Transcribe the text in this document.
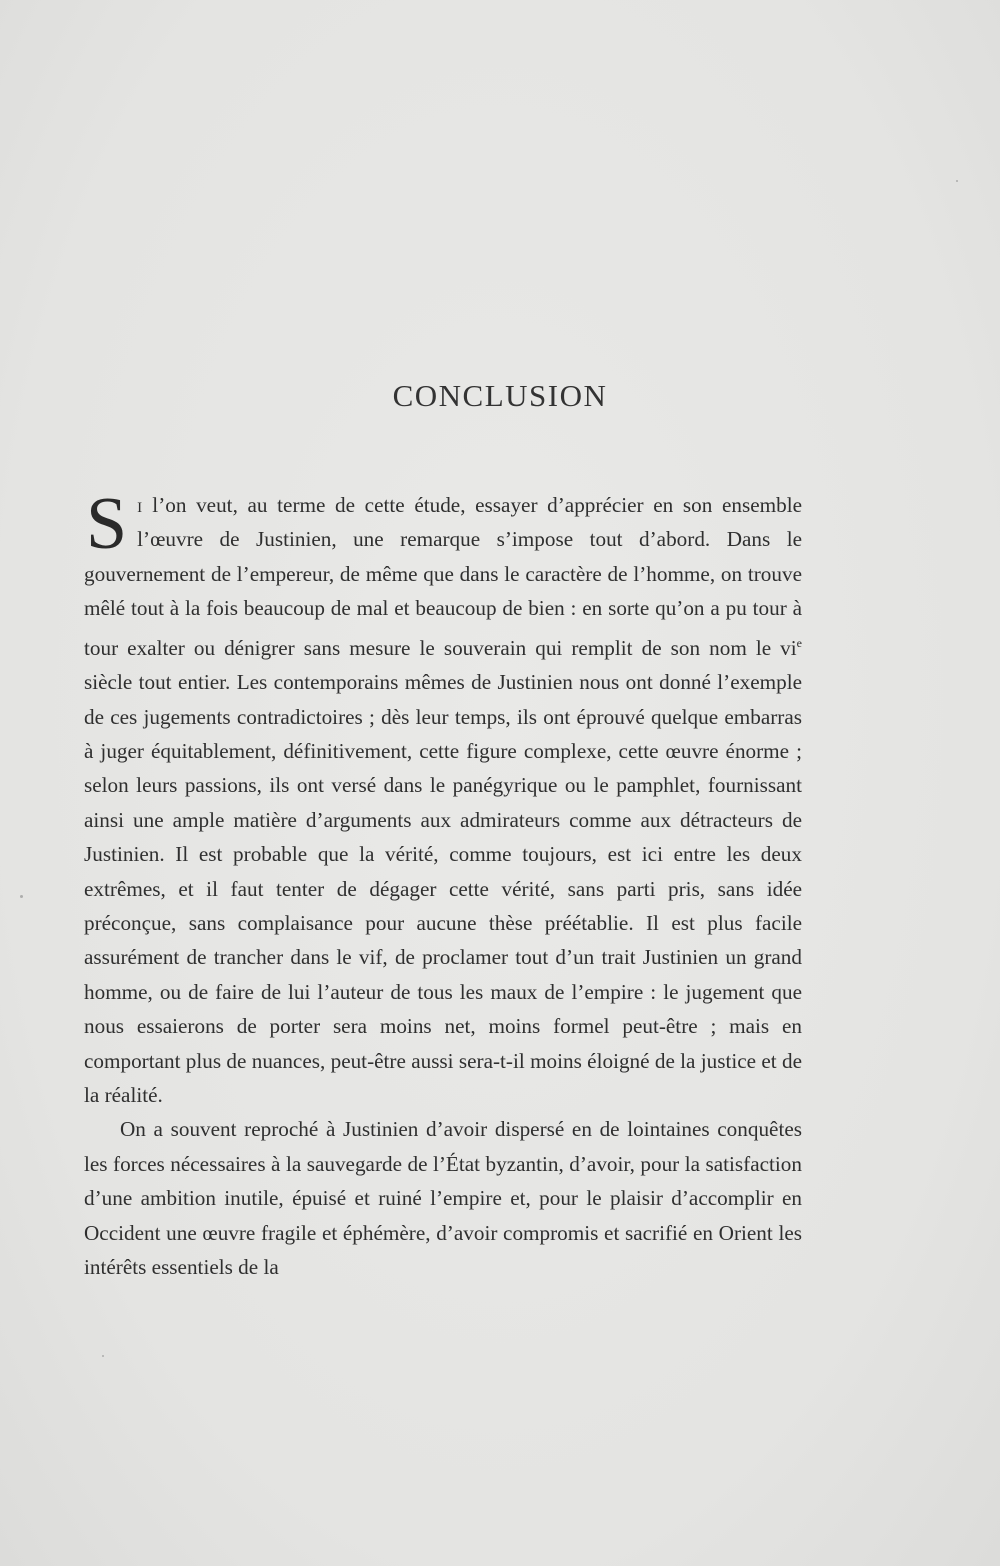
CONCLUSION

Si l’on veut, au terme de cette étude, essayer d’apprécier en son ensemble l’œuvre de Justinien, une remarque s’impose tout d’abord. Dans le gouvernement de l’empereur, de même que dans le caractère de l’homme, on trouve mêlé tout à la fois beaucoup de mal et beaucoup de bien : en sorte qu’on a pu tour à tour exalter ou dénigrer sans mesure le souverain qui remplit de son nom le $vi^e$ siècle tout entier. Les contemporains mêmes de Justinien nous ont donné l’exemple de ces jugements contradictoires ; dès leur temps, ils ont éprouvé quelque embarras à juger équitablement, définitivement, cette figure complexe, cette œuvre énorme ; selon leurs passions, ils ont versé dans le panégyrique ou le pamphlet, fournissant ainsi une ample matière d’arguments aux admirateurs comme aux détracteurs de Justinien. Il est probable que la vérité, comme toujours, est ici entre les deux extrêmes, et il faut tenter de dégager cette vérité, sans parti pris, sans idée préconçue, sans complaisance pour aucune thèse préétablie. Il est plus facile assurément de trancher dans le vif, de proclamer tout d’un trait Justinien un grand homme, ou de faire de lui l’auteur de tous les maux de l’empire : le jugement que nous essaierons de porter sera moins net, moins formel peut-être ; mais en comportant plus de nuances, peut-être aussi sera-t-il moins éloigné de la justice et de la réalité.

On a souvent reproché à Justinien d’avoir dispersé en de lointaines conquêtes les forces nécessaires à la sauvegarde de l’État byzantin, d’avoir, pour la satisfaction d’une ambition inutile, épuisé et ruiné l’empire et, pour le plaisir d’accomplir en Occident une œuvre fragile et éphémère, d’avoir compromis et sacrifié en Orient les intérêts essentiels de la
